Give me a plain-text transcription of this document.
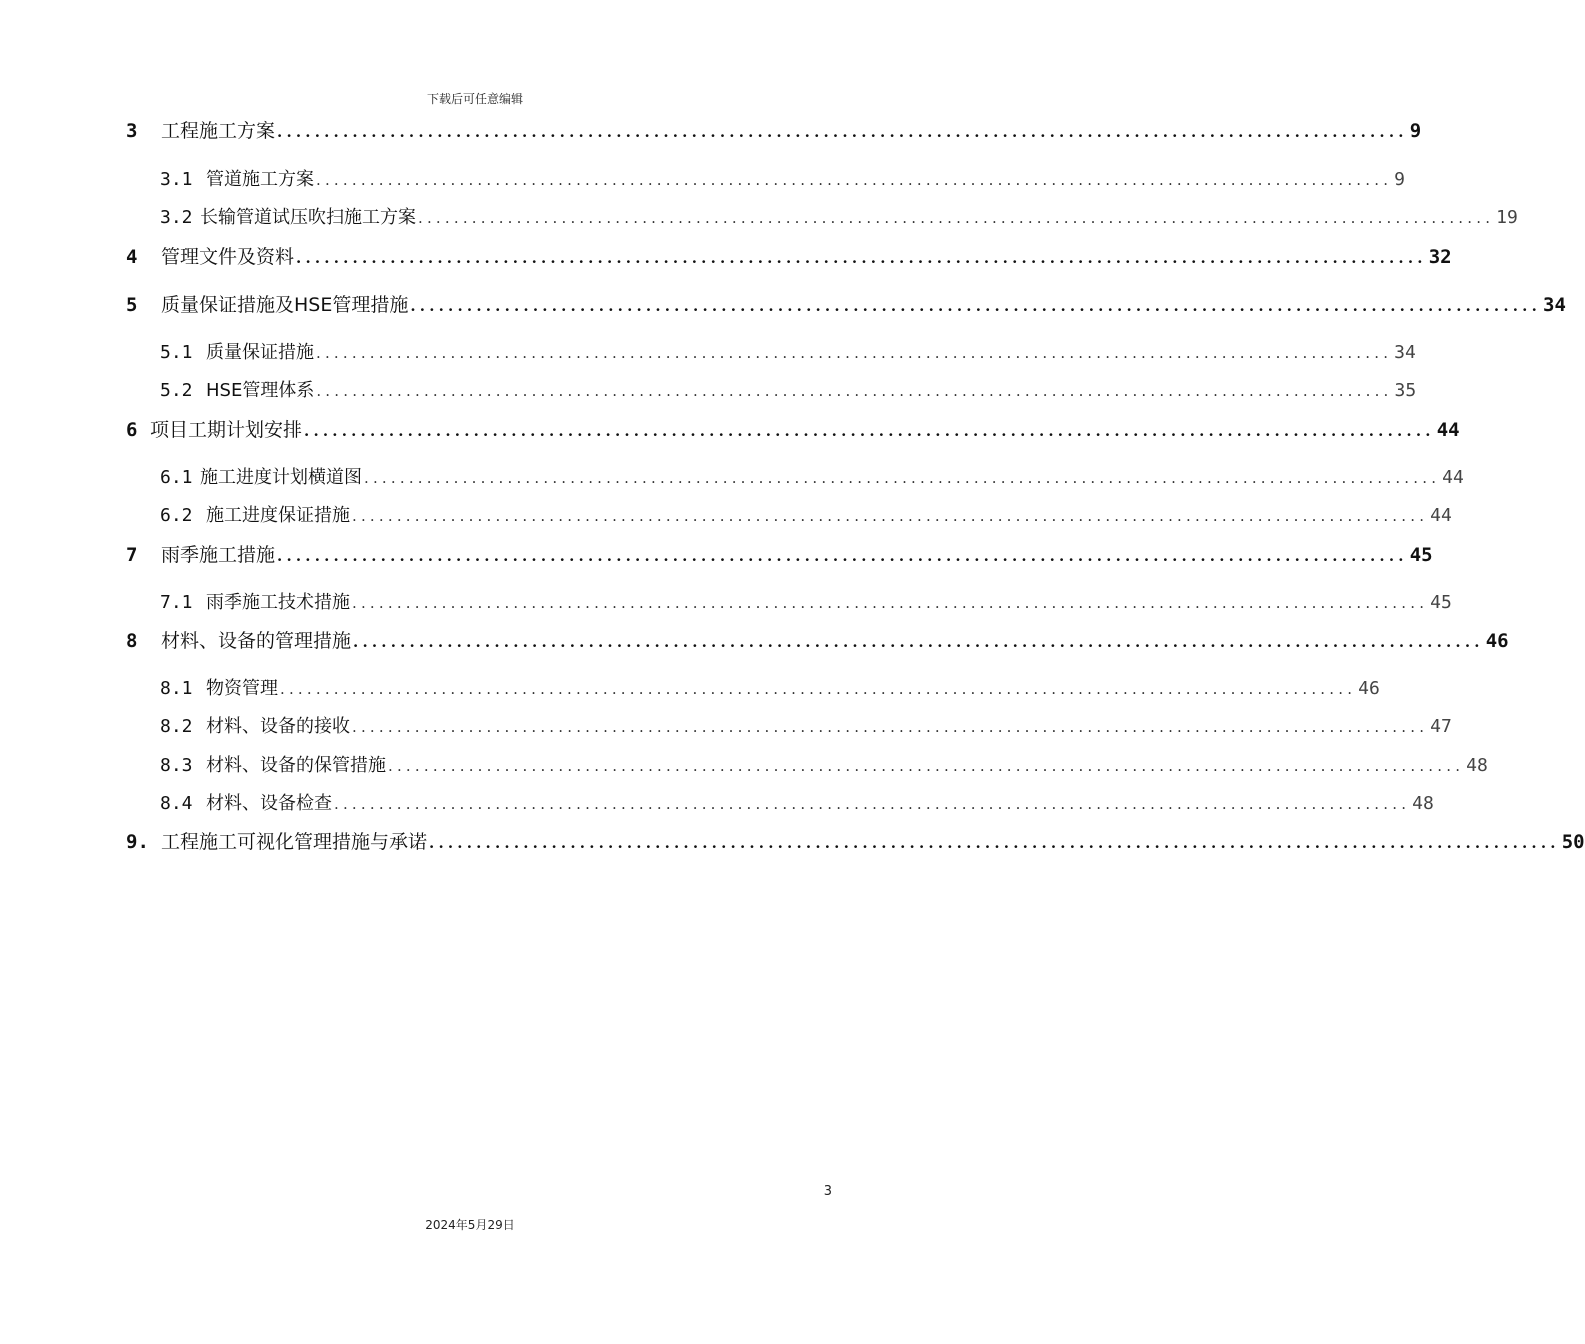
下载后可任意编辑
3	工程施工方案 ........................................................................................................................ 9
3.1 管道施工方案 ........................................................................................................................ 9
3.2 长输管道试压吹扫施工方案 ........................................................................................................................ 19
4	管理文件及资料 ........................................................................................................................ 32
5	质量保证措施及HSE管理措施 ........................................................................................................................ 34
5.1 质量保证措施 ........................................................................................................................ 34
5.2 HSE管理体系 ........................................................................................................................ 35
6 项目工期计划安排 ........................................................................................................................ 44
6.1 施工进度计划横道图 ........................................................................................................................ 44
6.2 施工进度保证措施 ........................................................................................................................ 44
7	雨季施工措施 ........................................................................................................................ 45
7.1 雨季施工技术措施 ........................................................................................................................ 45
8	材料、设备的管理措施 ........................................................................................................................ 46
8.1 物资管理 ........................................................................................................................ 46
8.2 材料、设备的接收 ........................................................................................................................ 47
8.3 材料、设备的保管措施 ........................................................................................................................ 48
8.4 材料、设备检查 ........................................................................................................................ 48
9. 工程施工可视化管理措施与承诺 ........................................................................................................................ 50
3
2024年5月29日
